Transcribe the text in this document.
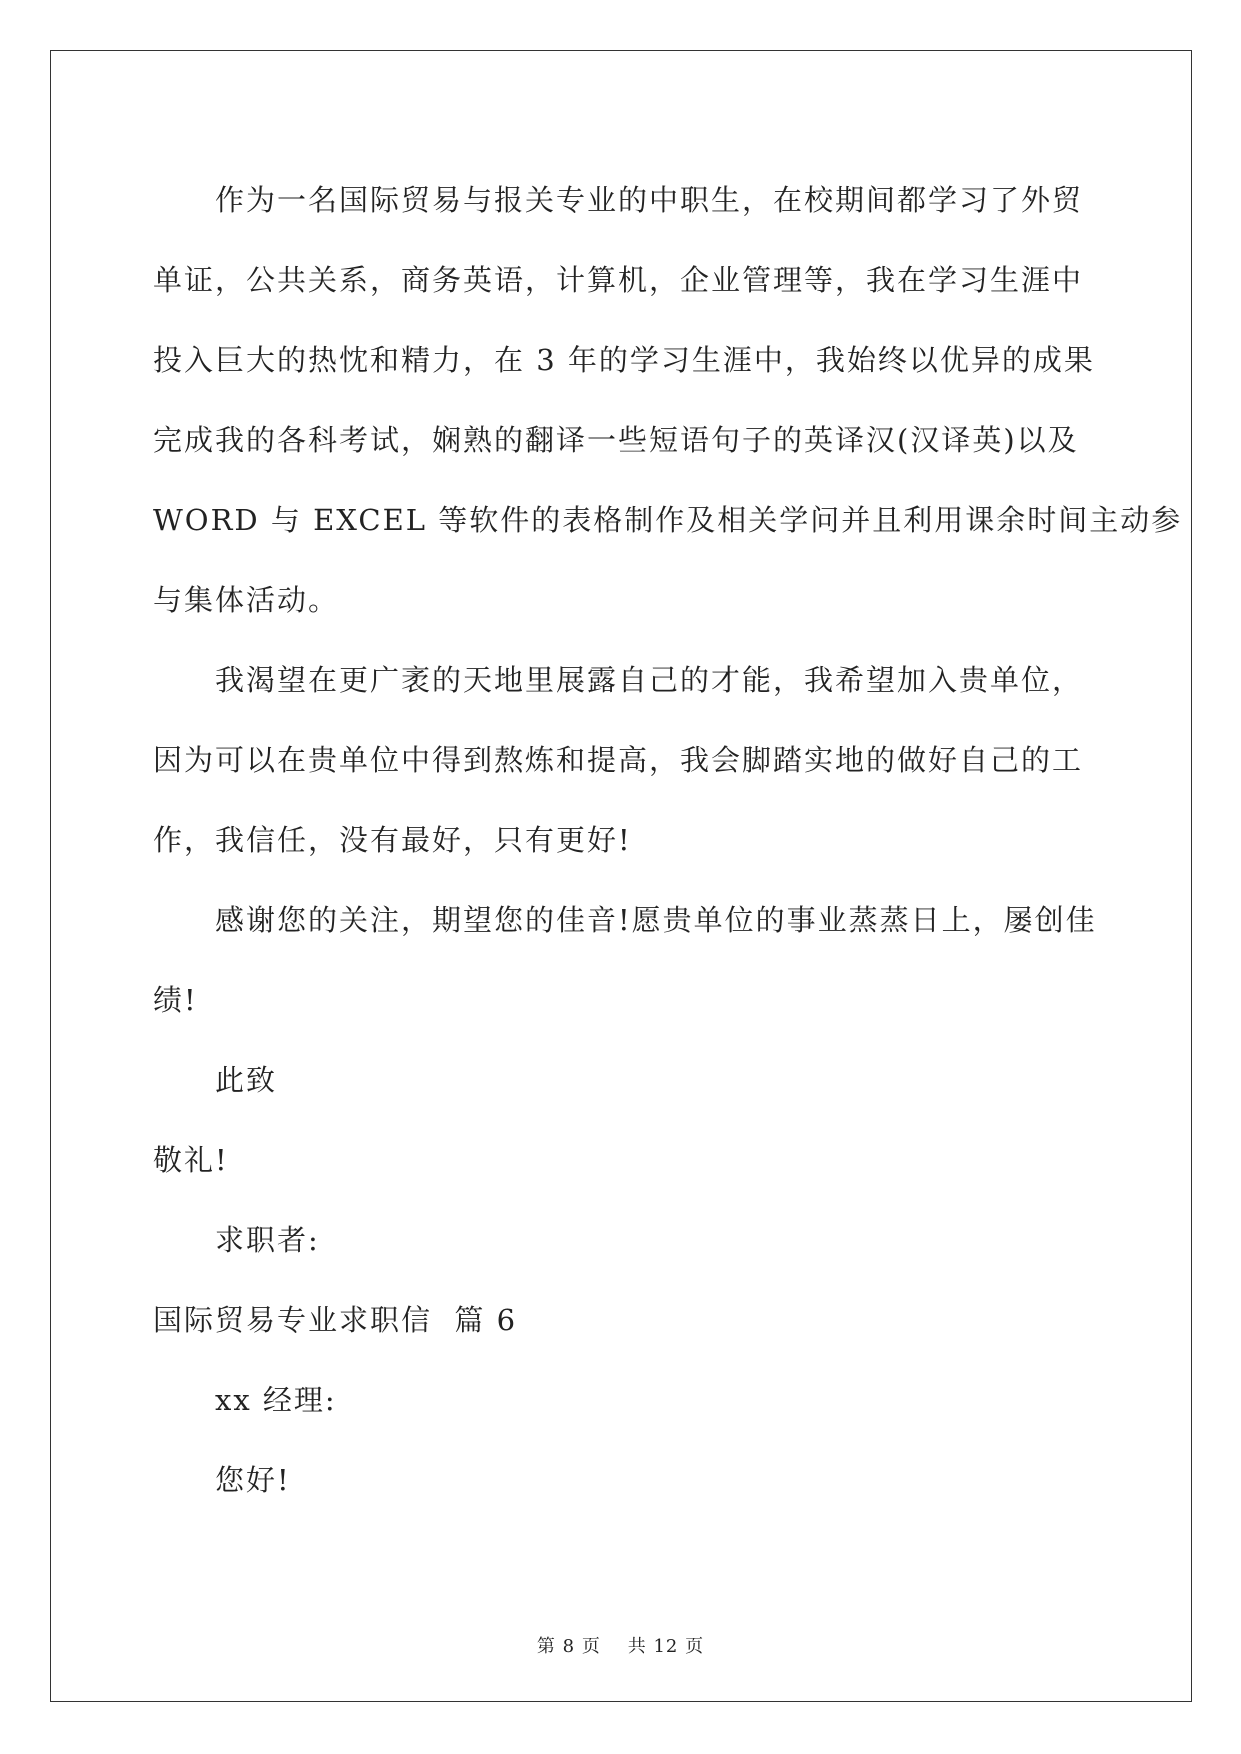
作为一名国际贸易与报关专业的中职生，在校期间都学习了外贸
单证，公共关系，商务英语，计算机，企业管理等，我在学习生涯中
投入巨大的热忱和精力，在 3 年的学习生涯中，我始终以优异的成果
完成我的各科考试，娴熟的翻译一些短语句子的英译汉(汉译英)以及
WORD 与 EXCEL 等软件的表格制作及相关学问并且利用课余时间主动参
与集体活动。
我渴望在更广袤的天地里展露自己的才能，我希望加入贵单位，
因为可以在贵单位中得到熬炼和提高，我会脚踏实地的做好自己的工
作，我信任，没有最好，只有更好!
感谢您的关注，期望您的佳音!愿贵单位的事业蒸蒸日上，屡创佳
绩!

此致

敬礼!

求职者:

国际贸易专业求职信  篇 6

xx 经理:

您好!

第 8 页 共 12 页
